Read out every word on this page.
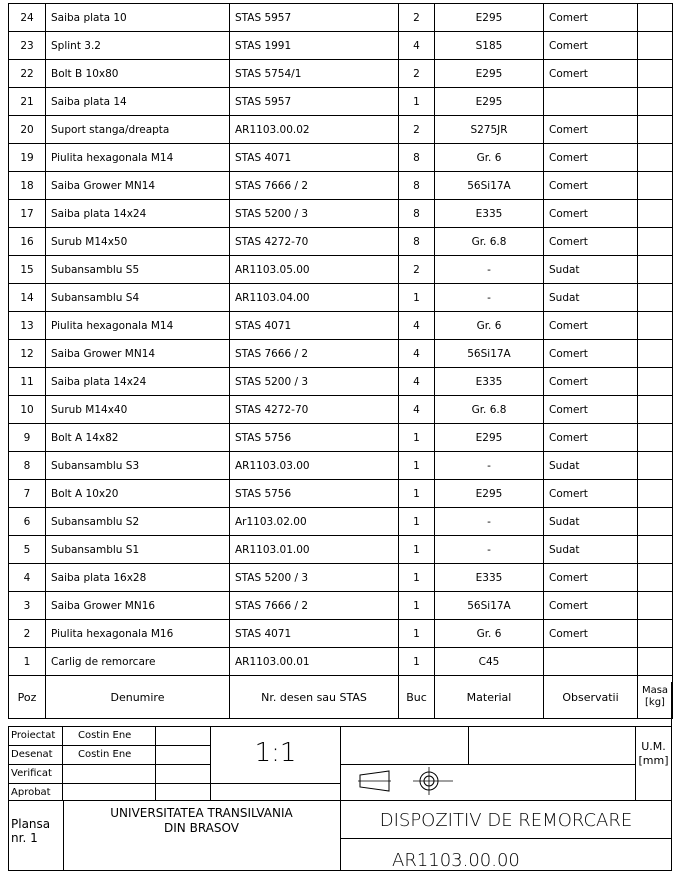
24	Saiba plata 10	STAS 5957	2	E295	Comert	
23	Splint 3.2	STAS 1991	4	S185	Comert	
22	Bolt B 10x80	STAS 5754/1	2	E295	Comert	
21	Saiba plata 14	STAS 5957	1	E295		
20	Suport stanga/dreapta	AR1103.00.02	2	S275JR	Comert	
19	Piulita hexagonala M14	STAS 4071	8	Gr. 6	Comert	
18	Saiba Grower MN14	STAS 7666 / 2	8	56Si17A	Comert	
17	Saiba plata 14x24	STAS 5200 / 3	8	E335	Comert	
16	Surub M14x50	STAS 4272-70	8	Gr. 6.8	Comert	
15	Subansamblu S5	AR1103.05.00	2	-	Sudat	
14	Subansamblu S4	AR1103.04.00	1	-	Sudat	
13	Piulita hexagonala M14	STAS 4071	4	Gr. 6	Comert	
12	Saiba Grower MN14	STAS 7666 / 2	4	56Si17A	Comert	
11	Saiba plata 14x24	STAS 5200 / 3	4	E335	Comert	
10	Surub M14x40	STAS 4272-70	4	Gr. 6.8	Comert	
9	Bolt A 14x82	STAS 5756	1	E295	Comert	
8	Subansamblu S3	AR1103.03.00	1	-	Sudat	
7	Bolt A 10x20	STAS 5756	1	E295	Comert	
6	Subansamblu S2	Ar1103.02.00	1	-	Sudat	
5	Subansamblu S1	AR1103.01.00	1	-	Sudat	
4	Saiba plata 16x28	STAS 5200 / 3	1	E335	Comert	
3	Saiba Grower MN16	STAS 7666 / 2	1	56Si17A	Comert	
2	Piulita hexagonala M16	STAS 4071	1	Gr. 6	Comert	
1	Carlig de remorcare	AR1103.00.01	1	C45		
Poz	Denumire	Nr. desen sau STAS	Buc	Material	Observatii	Masa
[kg]
Proiectat
Desenat
Verificat
Aprobat
Costin Ene
Costin Ene	1:1	U.M.
[mm]
UNIVERSITATEA TRANSILVANIA
DIN BRASOV
Plansa
nr. 1
DISPOZITIV DE REMORCARE
AR1103.00.00
